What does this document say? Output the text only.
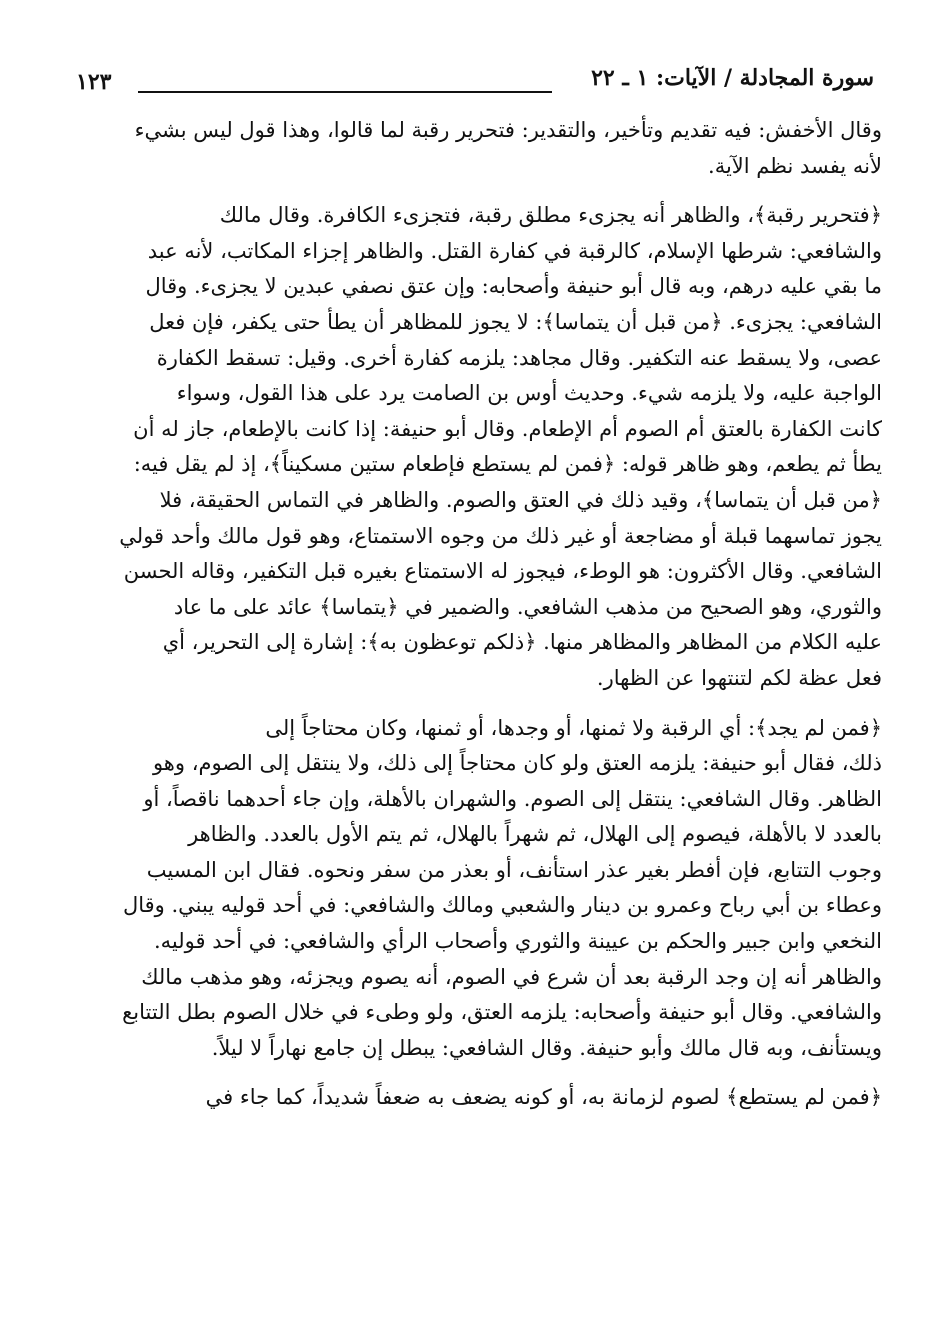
سورة المجادلة / الآيات: ١ ـ ٢٢
١٢٣

وقال الأخفش: فيه تقديم وتأخير، والتقدير: فتحرير رقبة لما قالوا، وهذا قول ليس بشيء
لأنه يفسد نظم الآية.

﴿فتحرير رقبة﴾، والظاهر أنه يجزىء مطلق رقبة، فتجزىء الكافرة. وقال مالك
والشافعي: شرطها الإسلام، كالرقبة في كفارة القتل. والظاهر إجزاء المكاتب، لأنه عبد
ما بقي عليه درهم، وبه قال أبو حنيفة وأصحابه: وإن عتق نصفي عبدين لا يجزىء. وقال
الشافعي: يجزىء. ﴿من قبل أن يتماسا﴾: لا يجوز للمظاهر أن يطأ حتى يكفر، فإن فعل
عصى، ولا يسقط عنه التكفير. وقال مجاهد: يلزمه كفارة أخرى. وقيل: تسقط الكفارة
الواجبة عليه، ولا يلزمه شيء. وحديث أوس بن الصامت يرد على هذا القول، وسواء
كانت الكفارة بالعتق أم الصوم أم الإطعام. وقال أبو حنيفة: إذا كانت بالإطعام، جاز له أن
يطأ ثم يطعم، وهو ظاهر قوله: ﴿فمن لم يستطع فإطعام ستين مسكيناً﴾، إذ لم يقل فيه:
﴿من قبل أن يتماسا﴾، وقيد ذلك في العتق والصوم. والظاهر في التماس الحقيقة، فلا
يجوز تماسهما قبلة أو مضاجعة أو غير ذلك من وجوه الاستمتاع، وهو قول مالك وأحد قولي
الشافعي. وقال الأكثرون: هو الوطء، فيجوز له الاستمتاع بغيره قبل التكفير، وقاله الحسن
والثوري، وهو الصحيح من مذهب الشافعي. والضمير في ﴿يتماسا﴾ عائد على ما عاد
عليه الكلام من المظاهر والمظاهر منها. ﴿ذلكم توعظون به﴾: إشارة إلى التحرير، أي
فعل عظة لكم لتنتهوا عن الظهار.

﴿فمن لم يجد﴾: أي الرقبة ولا ثمنها، أو وجدها، أو ثمنها، وكان محتاجاً إلى
ذلك، فقال أبو حنيفة: يلزمه العتق ولو كان محتاجاً إلى ذلك، ولا ينتقل إلى الصوم، وهو
الظاهر. وقال الشافعي: ينتقل إلى الصوم. والشهران بالأهلة، وإن جاء أحدهما ناقصاً، أو
بالعدد لا بالأهلة، فيصوم إلى الهلال، ثم شهراً بالهلال، ثم يتم الأول بالعدد. والظاهر
وجوب التتابع، فإن أفطر بغير عذر استأنف، أو بعذر من سفر ونحوه. فقال ابن المسيب
وعطاء بن أبي رباح وعمرو بن دينار والشعبي ومالك والشافعي: في أحد قوليه يبني. وقال
النخعي وابن جبير والحكم بن عيينة والثوري وأصحاب الرأي والشافعي: في أحد قوليه.
والظاهر أنه إن وجد الرقبة بعد أن شرع في الصوم، أنه يصوم ويجزئه، وهو مذهب مالك
والشافعي. وقال أبو حنيفة وأصحابه: يلزمه العتق، ولو وطىء في خلال الصوم بطل التتابع
ويستأنف، وبه قال مالك وأبو حنيفة. وقال الشافعي: يبطل إن جامع نهاراً لا ليلاً.

﴿فمن لم يستطع﴾ لصوم لزمانة به، أو كونه يضعف به ضعفاً شديداً، كما جاء في
